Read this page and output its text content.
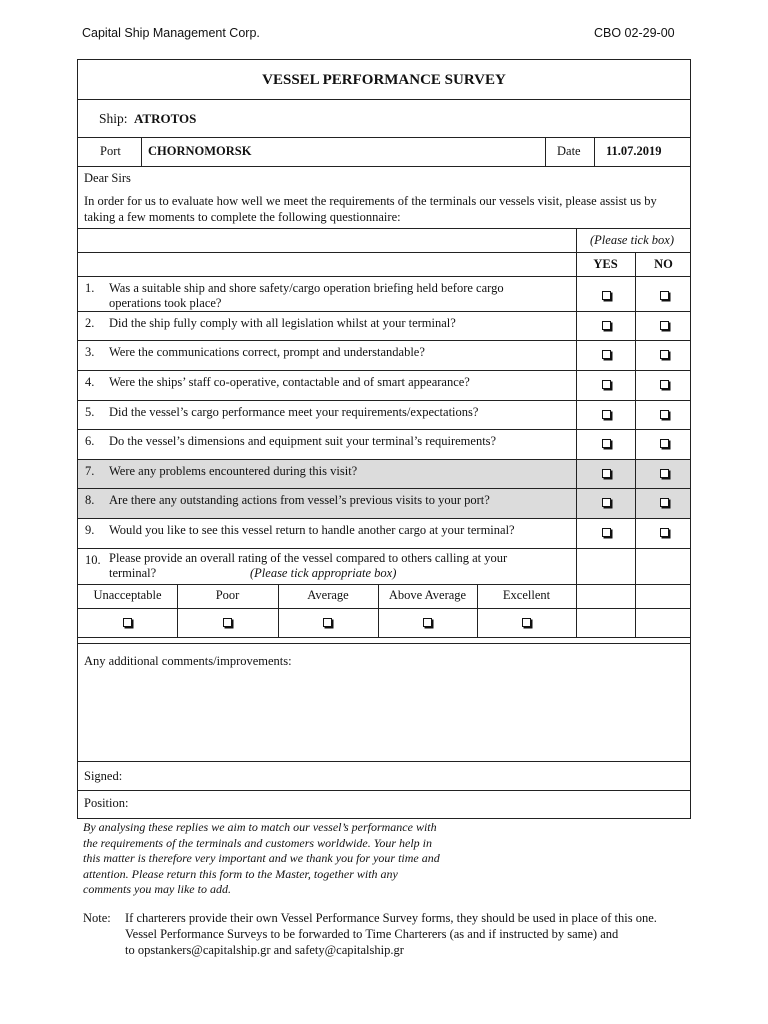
Capital Ship Management Corp.	CBO 02-29-00
VESSEL PERFORMANCE SURVEY
Ship: ATROTOS
Port CHORNOMORSK	Date 11.07.2019
Dear Sirs
In order for us to evaluate how well we meet the requirements of the terminals our vessels visit, please assist us by taking a few moments to complete the following questionnaire:
(Please tick box)
YES	NO
1. Was a suitable ship and shore safety/cargo operation briefing held before cargo operations took place?
2. Did the ship fully comply with all legislation whilst at your terminal?
3. Were the communications correct, prompt and understandable?
4. Were the ships’ staff co-operative, contactable and of smart appearance?
5. Did the vessel’s cargo performance meet your requirements/expectations?
6. Do the vessel’s dimensions and equipment suit your terminal’s requirements?
7. Were any problems encountered during this visit?
8. Are there any outstanding actions from vessel’s previous visits to your port?
9. Would you like to see this vessel return to handle another cargo at your terminal?
10. Please provide an overall rating of the vessel compared to others calling at your
terminal?	(Please tick appropriate box)
Unacceptable	Poor	Average	Above Average	Excellent
Any additional comments/improvements:
Signed:
Position:
By analysing these replies we aim to match our vessel’s performance with the requirements of the terminals and customers worldwide. Your help in this matter is therefore very important and we thank you for your time and attention. Please return this form to the Master, together with any comments you may like to add.
Note: If charterers provide their own Vessel Performance Survey forms, they should be used in place of this one.
Vessel Performance Surveys to be forwarded to Time Charterers (as and if instructed by same) and
to opstankers@capitalship.gr and safety@capitalship.gr
